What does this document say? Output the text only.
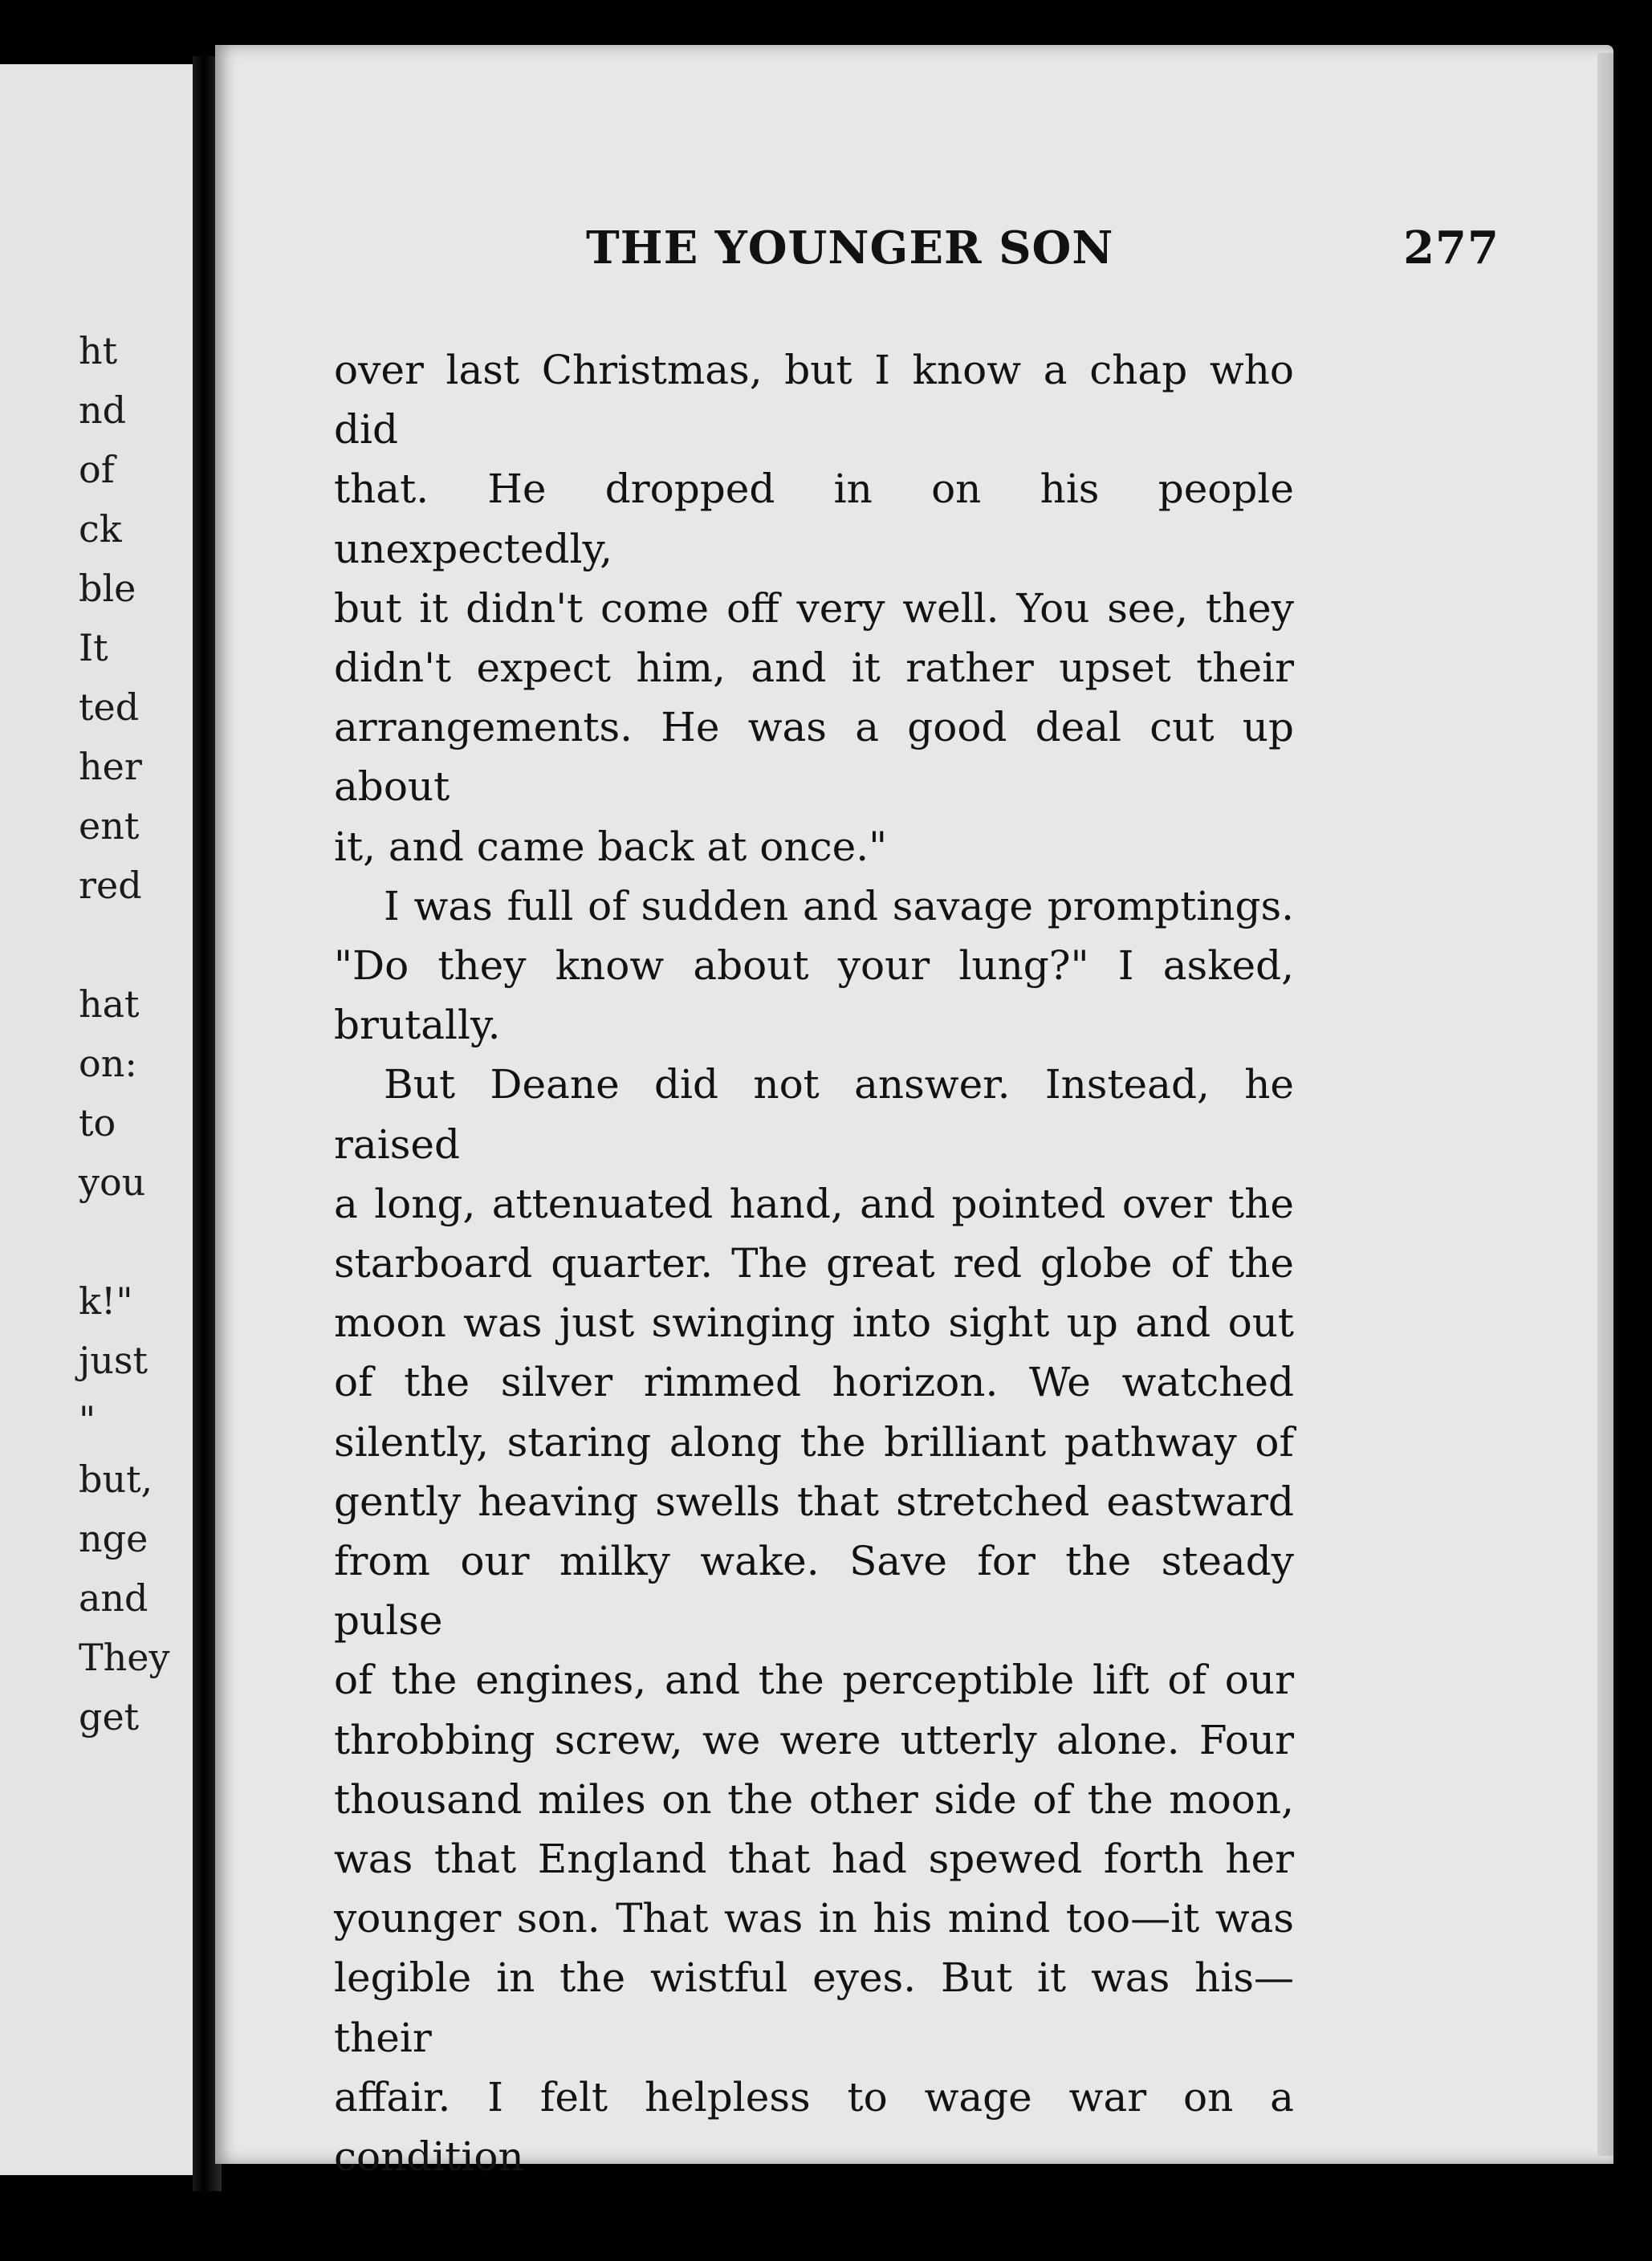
ht
nd
of
ck
ble
It
ted
her
ent
red
hat
on:
to
you
k!"
just
"
but,
nge
and
They
get
THE YOUNGER SON	277

over last Christmas, but I know a chap who did

that. He dropped in on his people unexpectedly,

but it didn't come off very well. You see, they

didn't expect him, and it rather upset their

arrangements. He was a good deal cut up about

it, and came back at once."

I was full of sudden and savage promptings.

"Do they know about your lung?" I asked,

brutally.

But Deane did not answer. Instead, he raised

a long, attenuated hand, and pointed over the

starboard quarter. The great red globe of the

moon was just swinging into sight up and out

of the silver rimmed horizon. We watched

silently, staring along the brilliant pathway of

gently heaving swells that stretched eastward

from our milky wake. Save for the steady pulse

of the engines, and the perceptible lift of our

throbbing screw, we were utterly alone. Four

thousand miles on the other side of the moon,

was that England that had spewed forth her

younger son. That was in his mind too—it was

legible in the wistful eyes. But it was his—their

affair. I felt helpless to wage war on a condition
